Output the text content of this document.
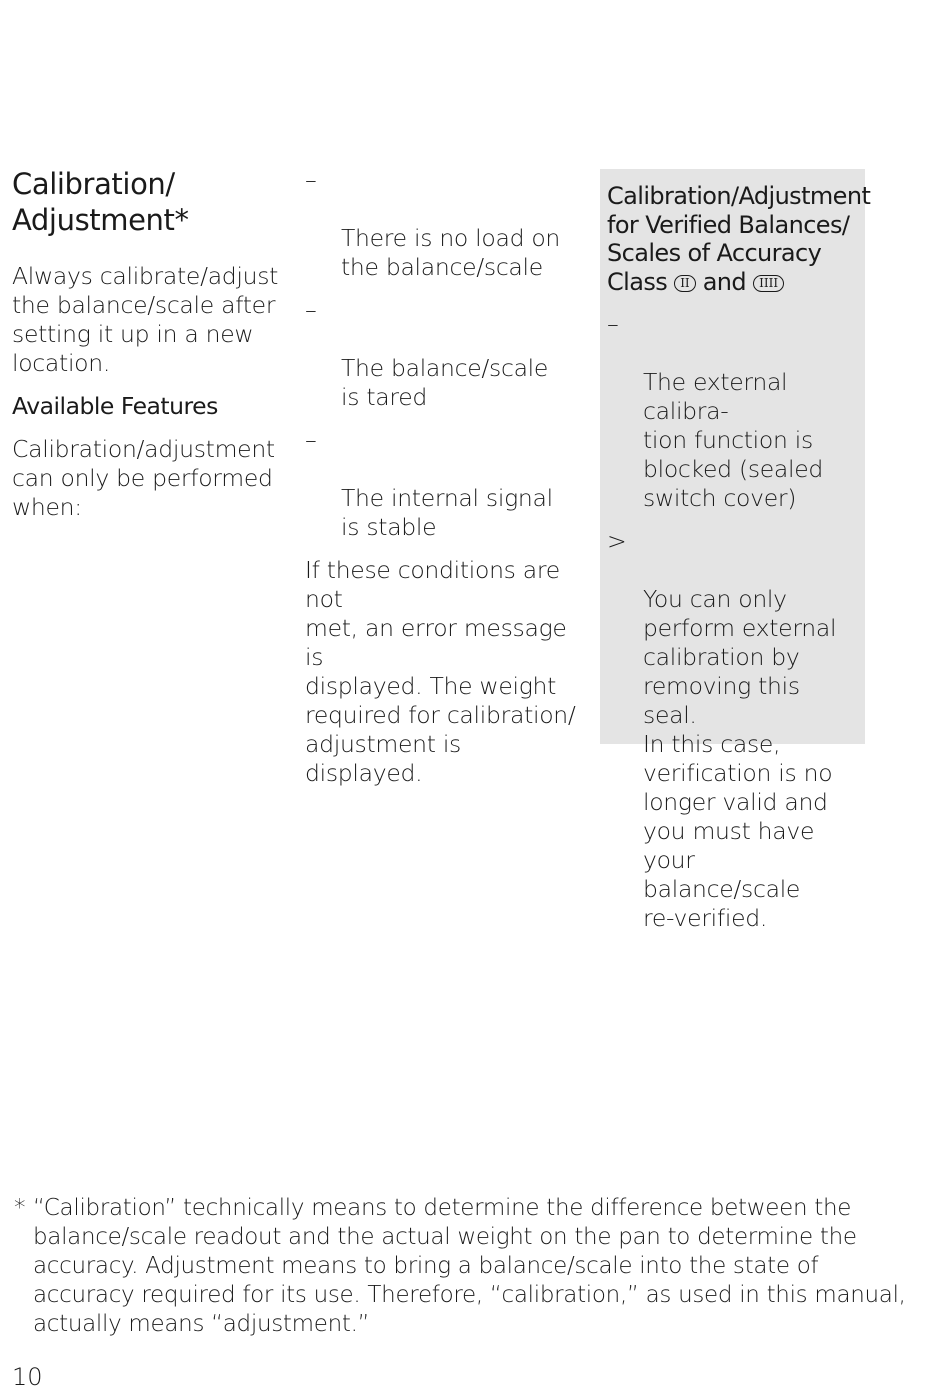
Calibration/
Adjustment*

Always calibrate/adjust
the balance/scale after
setting it up in a new
location.

Available Features

Calibration/adjustment
can only be performed
when:

–

There is no load on
the balance/scale

–

The balance/scale
is tared

–

The internal signal
is stable

If these conditions are not
met, an error message is
displayed. The weight
required for calibration/
adjustment is displayed.

Calibration/Adjustment
for Verified Balances/
Scales of Accuracy
Class II and IIII

–

The external calibra-
tion function is
blocked (sealed
switch cover)

>

You can only
perform external
calibration by
removing this seal.
In this case,
verification is no
longer valid and
you must have your
balance/scale
re-verified.

* “Calibration” technically means to determine the difference between the
balance/scale readout and the actual weight on the pan to determine the
accuracy. Adjustment means to bring a balance/scale into the state of
accuracy required for its use. Therefore, “calibration,” as used in this manual,
actually means “adjustment.”
10
